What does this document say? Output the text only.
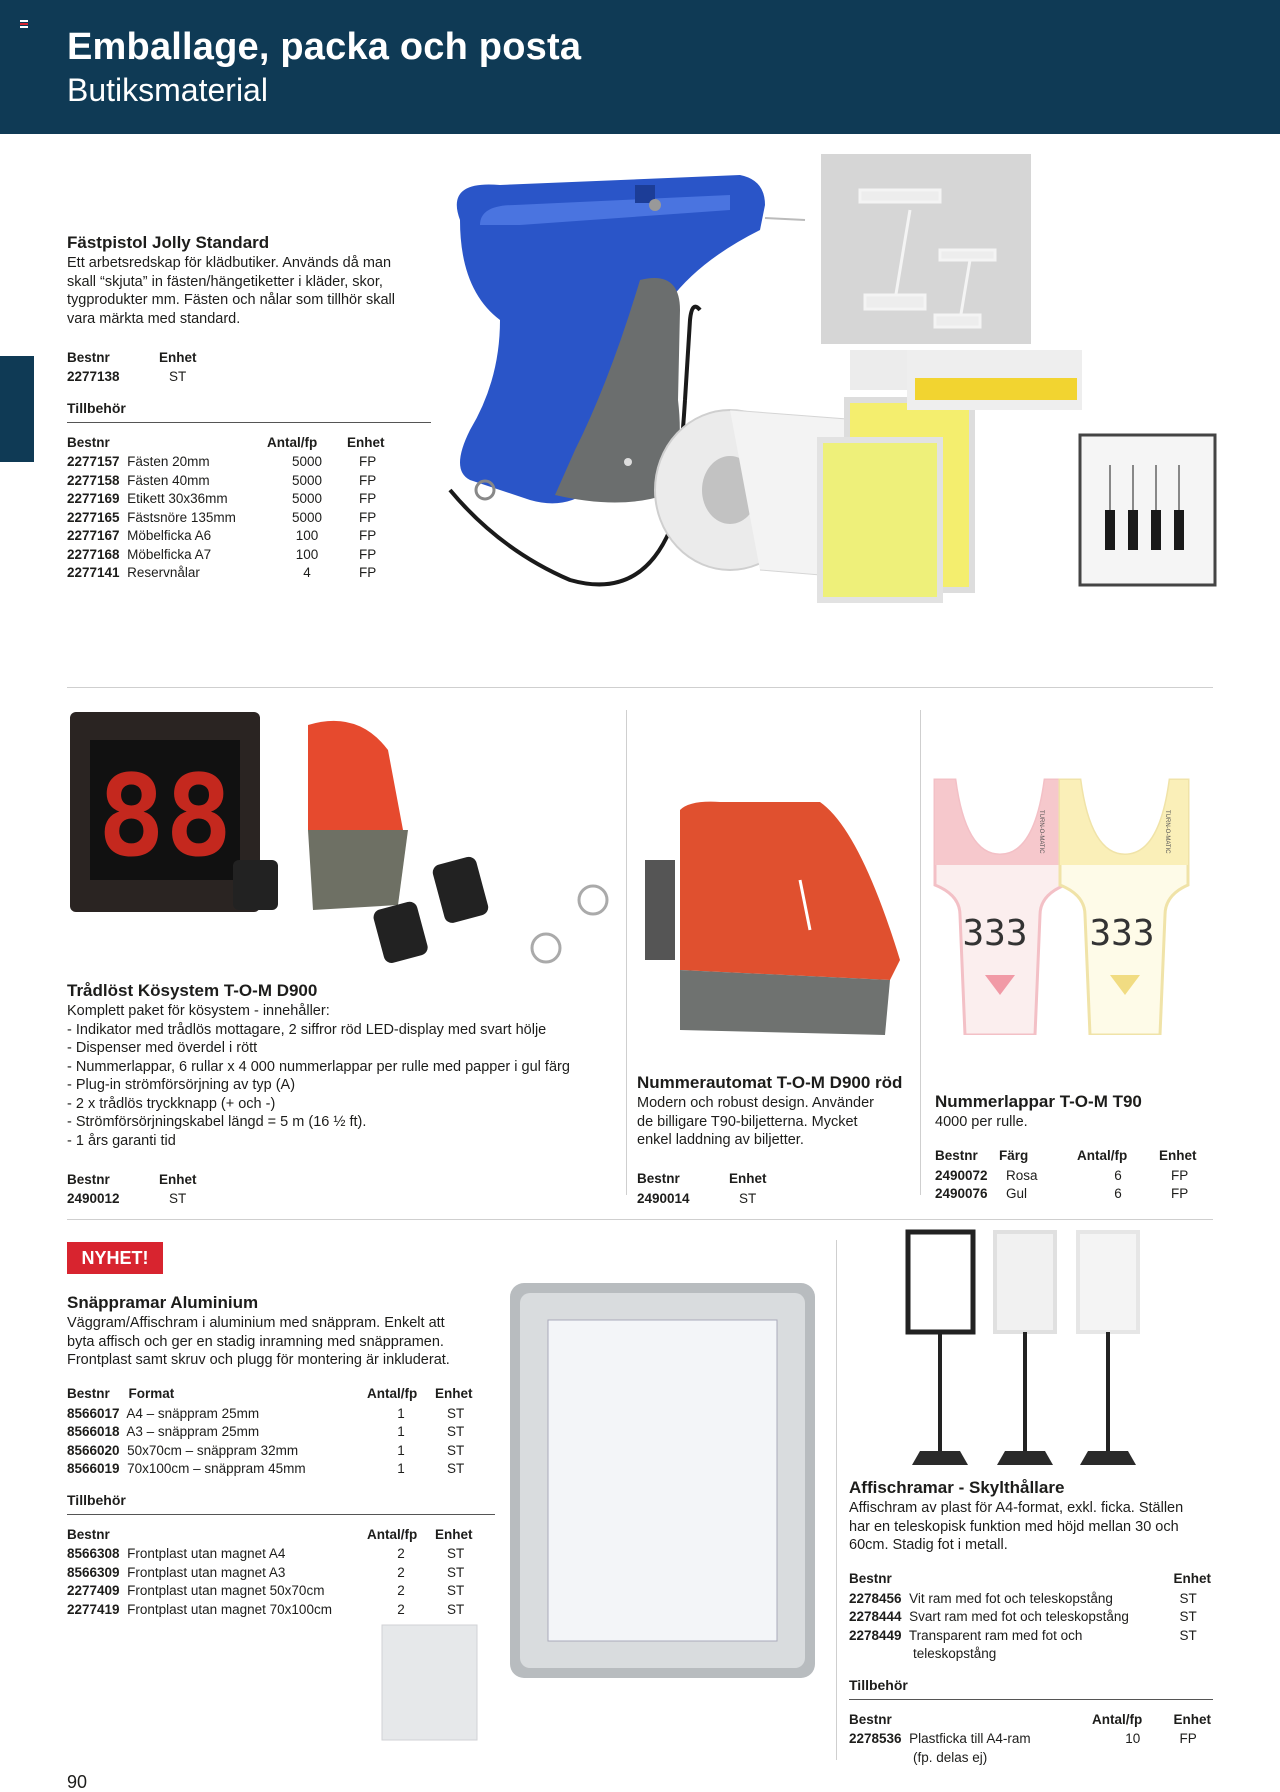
Emballage, packa och posta
Butiksmaterial
Fästpistol Jolly Standard
Ett arbetsredskap för klädbutiker. Används då man
skall “skjuta” in fästen/hängetiketter i kläder, skor,
tygprodukter mm. Fästen och nålar som tillhör skall
vara märkta med standard.
Bestnr	Enhet
2277138	ST
Tillbehör
Bestnr	Antal/fp	Enhet
2277157 Fästen 20mm	5000	FP
2277158 Fästen 40mm	5000	FP
2277169 Etikett 30x36mm	5000	FP
2277165 Fästsnöre 135mm	5000	FP
2277167 Möbelficka A6	100	FP
2277168 Möbelficka A7	100	FP
2277141 Reservnålar	4	FP
88
Trådlöst Kösystem T-O-M D900
Komplett paket för kösystem - innehåller:
- Indikator med trådlös mottagare, 2 siffror röd LED-display med svart hölje
- Dispenser med överdel i rött
- Nummerlappar, 6 rullar x 4 000 nummerlappar per rulle med papper i gul färg
- Plug-in strömförsörjning av typ (A)
- 2 x trådlös tryckknapp (+ och -)
- Strömförsörjningskabel längd = 5 m (16 ½ ft).
- 1 års garanti tid
Bestnr	Enhet
2490012	ST
Nummerautomat T-O-M D900 röd
Modern och robust design. Använder
de billigare T90-biljetterna. Mycket
enkel laddning av biljetter.
Bestnr	Enhet
2490014	ST
333
TURN-O-MATIC
333
TURN-O-MATIC
Nummerlappar T-O-M T90
4000 per rulle.
Bestnr	Färg	Antal/fp	Enhet
2490072	Rosa	6	FP
2490076	Gul	6	FP
NYHET!
Snäppramar Aluminium
Väggram/Affischram i aluminium med snäppram. Enkelt att
byta affisch och ger en stadig inramning med snäppramen.
Frontplast samt skruv och plugg för montering är inkluderat.
Bestnr Format	Antal/fp	Enhet
8566017 A4 – snäppram 25mm	1	ST
8566018 A3 – snäppram 25mm	1	ST
8566020 50x70cm – snäppram 32mm	1	ST
8566019 70x100cm – snäppram 45mm	1	ST
Tillbehör
Bestnr	Antal/fp	Enhet
8566308 Frontplast utan magnet A4	2	ST
8566309 Frontplast utan magnet A3	2	ST
2277409 Frontplast utan magnet 50x70cm	2	ST
2277419 Frontplast utan magnet 70x100cm	2	ST
Affischramar - Skylthållare
Affischram av plast för A4-format, exkl. ficka. Ställen
har en teleskopisk funktion med höjd mellan 30 och
60cm. Stadig fot i metall.
Bestnr	Enhet
2278456 Vit ram med fot och teleskopstång	ST
2278444 Svart ram med fot och teleskopstång	ST
2278449 Transparent ram med fot och
teleskopstång	ST
Tillbehör
Bestnr	Antal/fp	Enhet
2278536 Plastficka till A4-ram
(fp. delas ej)	10	FP
90
